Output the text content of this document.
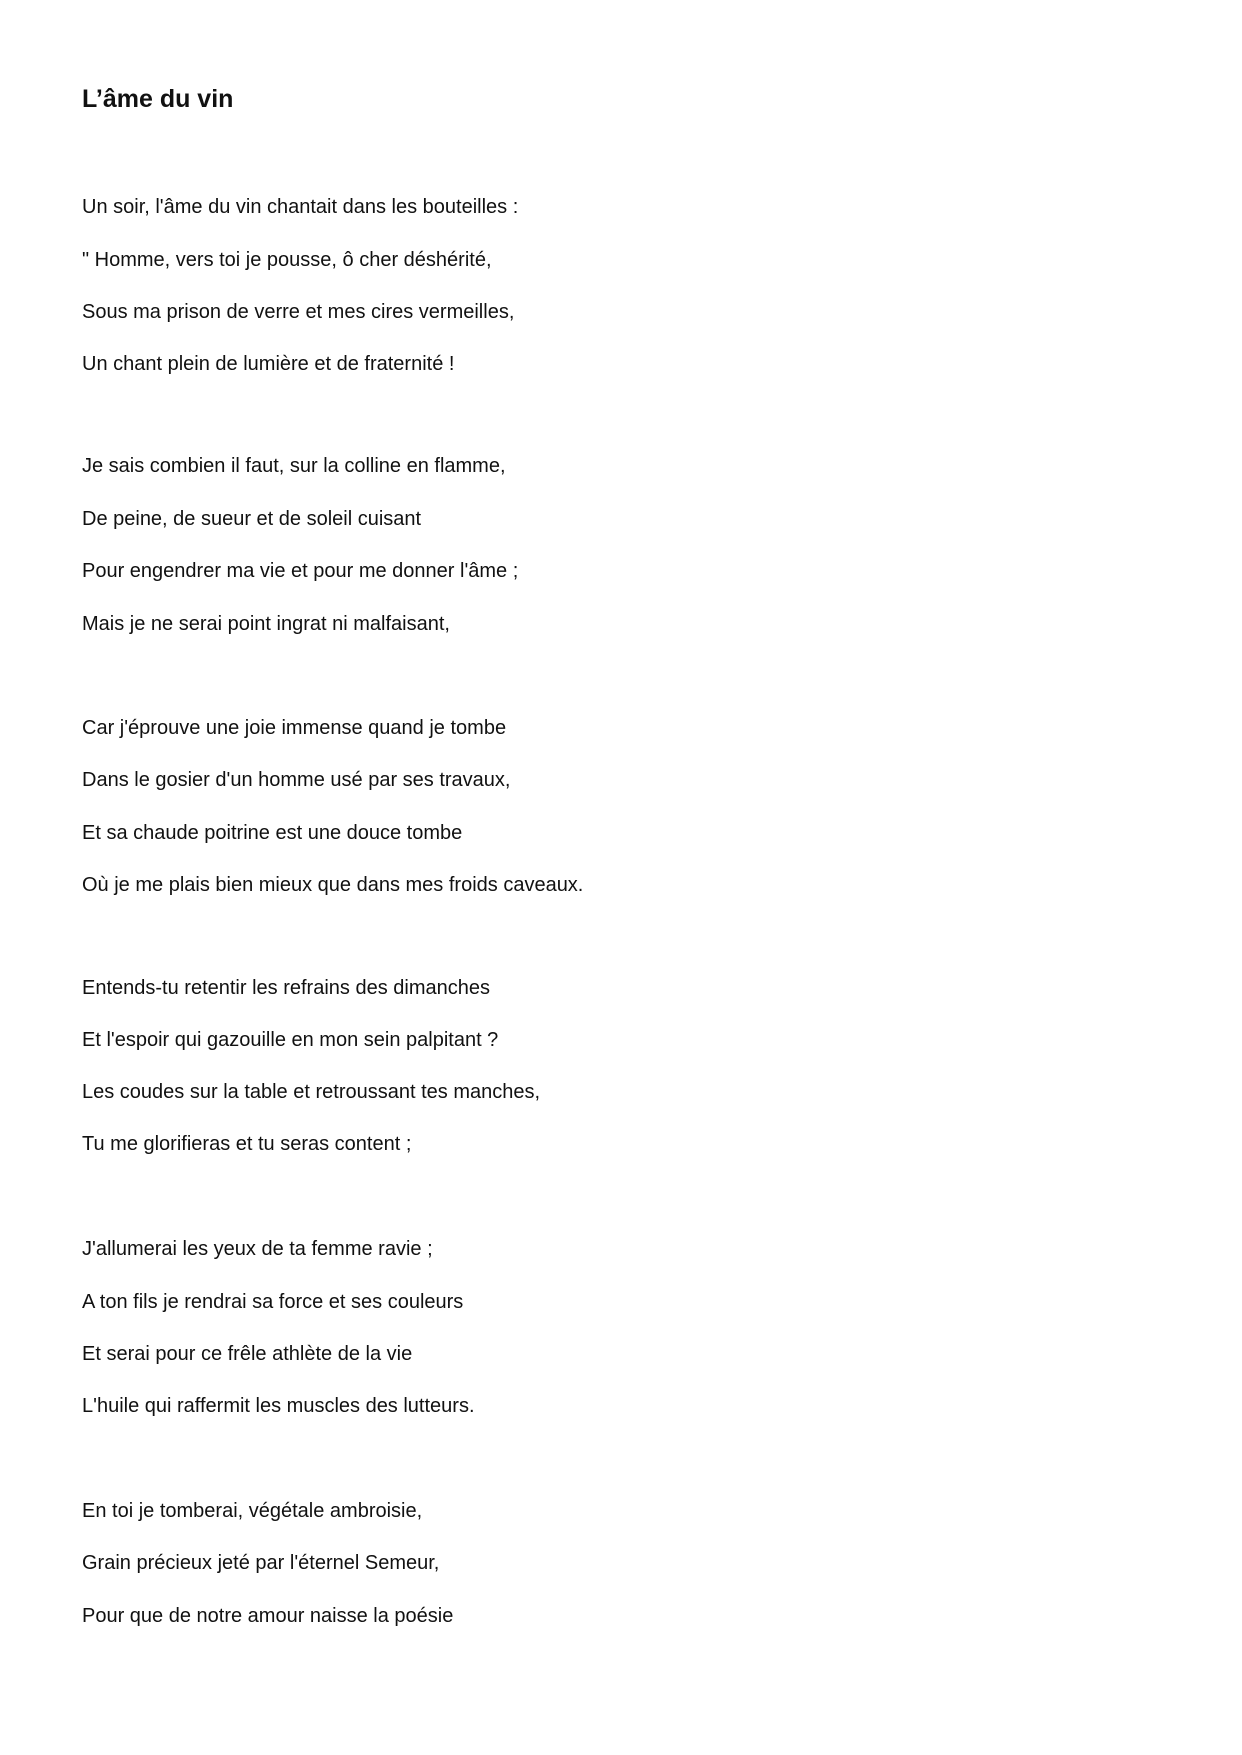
L’âme du vin

Un soir, l'âme du vin chantait dans les bouteilles :

" Homme, vers toi je pousse, ô cher déshérité,

Sous ma prison de verre et mes cires vermeilles,

Un chant plein de lumière et de fraternité !

Je sais combien il faut, sur la colline en flamme,

De peine, de sueur et de soleil cuisant

Pour engendrer ma vie et pour me donner l'âme ;

Mais je ne serai point ingrat ni malfaisant,

Car j'éprouve une joie immense quand je tombe

Dans le gosier d'un homme usé par ses travaux,

Et sa chaude poitrine est une douce tombe

Où je me plais bien mieux que dans mes froids caveaux.

Entends-tu retentir les refrains des dimanches

Et l'espoir qui gazouille en mon sein palpitant ?

Les coudes sur la table et retroussant tes manches,

Tu me glorifieras et tu seras content ;

J'allumerai les yeux de ta femme ravie ;

A ton fils je rendrai sa force et ses couleurs

Et serai pour ce frêle athlète de la vie

L'huile qui raffermit les muscles des lutteurs.

En toi je tomberai, végétale ambroisie,

Grain précieux jeté par l'éternel Semeur,

Pour que de notre amour naisse la poésie
